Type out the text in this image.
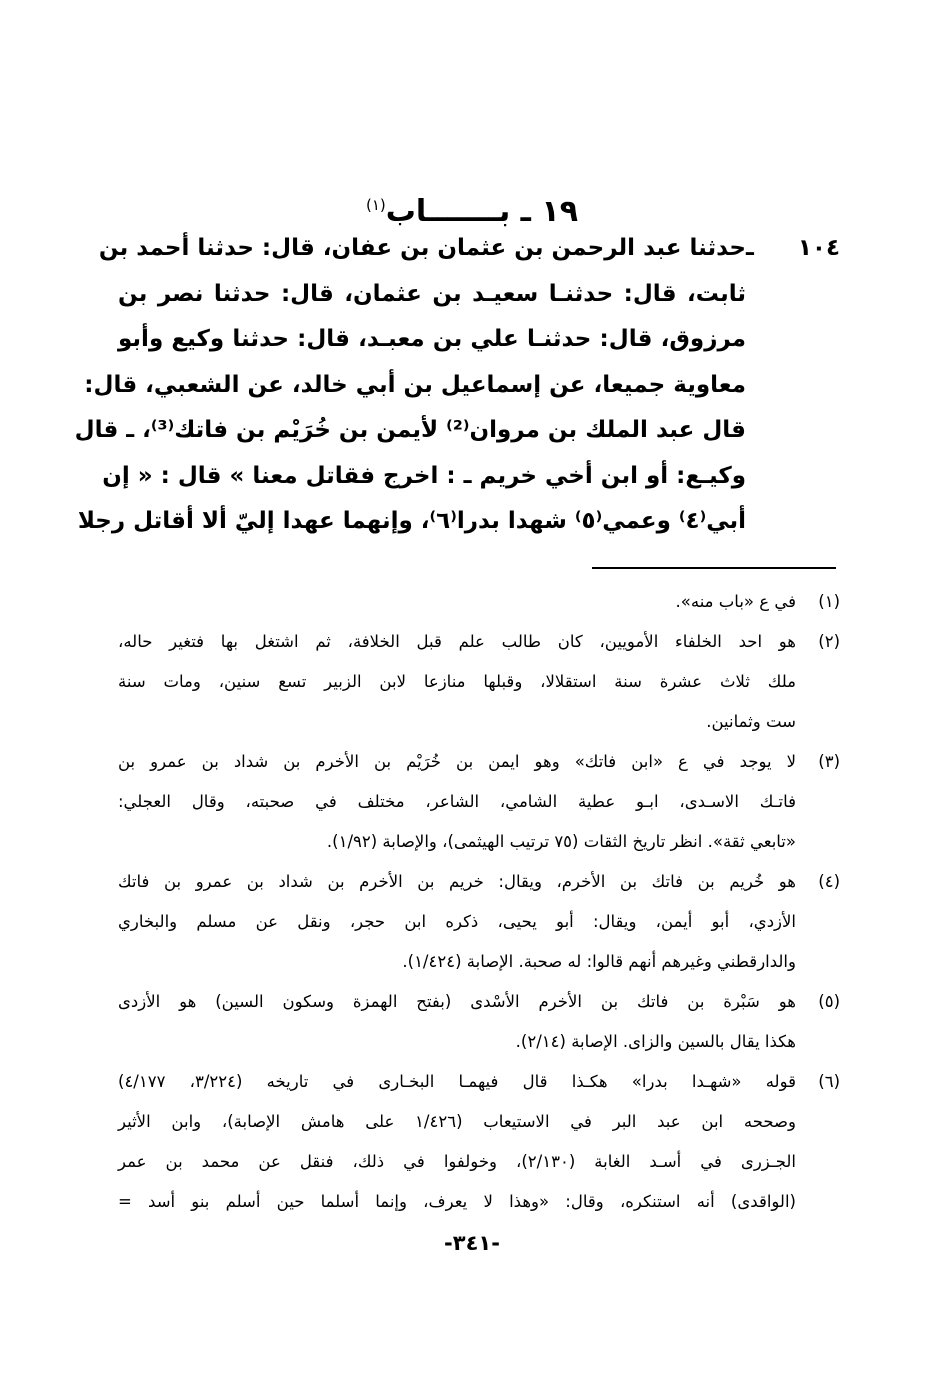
١٩ ـ بـــــــاب$^{(١)}$
١٠٤ ـ
حدثنا عبد الرحمن بن عثمان بن عفان، قال: حدثنا أحمد بن
ثابت، قال: حدثنـا سعيـد بن عثمان، قال: حدثنا نصر بن
مرزوق، قال: حدثنـا علي بن معبـد، قال: حدثنا وكيع وأبو
معاوية جميعا، عن إسماعيل بن أبي خالد، عن الشعبي، قال:
قال عبد الملك بن مروان⁽²⁾ لأيمن بن خُرَيْم بن فاتك⁽³⁾، ـ قال
وكيـع: أو ابن أخي خريم ـ : اخرج فقاتل معنا » قال : « إن
أبي⁽٤⁾ وعمي⁽٥⁾ شهدا بدرا⁽٦⁾، وإنهما عهدا إليّ ألا أقاتل رجلا
(١)
في ع «باب منه».
(٢)
هو احد الخلفاء الأمويين، كان طالب علم قبل الخلافة، ثم اشتغل بها فتغير حاله،
ملك ثلاث عشرة سنة استقلالا، وقبلها منازعا لابن الزبير تسع سنين، ومات سنة
ست وثمانين.
(٣)
لا يوجد في ع «ابن فاتك» وهو ايمن بن خُرَيْم بن الأخرم بن شداد بن عمرو بن
فاتـك الاسـدى، ابـو عطية الشامي، الشاعر، مختلف في صحبته، وقال العجلي:
«تابعي ثقة». انظر تاريخ الثقات (٧٥ ترتيب الهيثمى)، والإصابة (١/٩٢).
(٤)
هو خُريم بن فاتك بن الأخرم، ويقال: خريم بن الأخرم بن شداد بن عمرو بن فاتك
الأزدي، أبو أيمن، ويقال: أبو يحيى، ذكره ابن حجر، ونقل عن مسلم والبخاري
والدارقطني وغيرهم أنهم قالوا: له صحبة. الإصابة (١/٤٢٤).
(٥)
هو سَبْرة بن فاتك بن الأخرم الأسْدى (بفتح الهمزة وسكون السين) هو الأزدى
هكذا يقال بالسين والزاى. الإصابة (٢/١٤).
(٦)
قوله «شهـدا بدرا» هكـذا قال فيهمـا البخـارى في تاريخه (٣/٢٢٤، ٤/١٧٧)
وصححه ابن عبد البر في الاستيعاب (١/٤٢٦ على هامش الإصابة)، وابن الأثير
الجـزرى في أسـد الغابة (٢/١٣٠)، وخولفوا في ذلك، فنقل عن محمد بن عمر
(الواقدى) أنه استنكره، وقال: «وهذا لا يعرف، وإنما أسلما حين أسلم بنو أسد =
-٣٤١-
